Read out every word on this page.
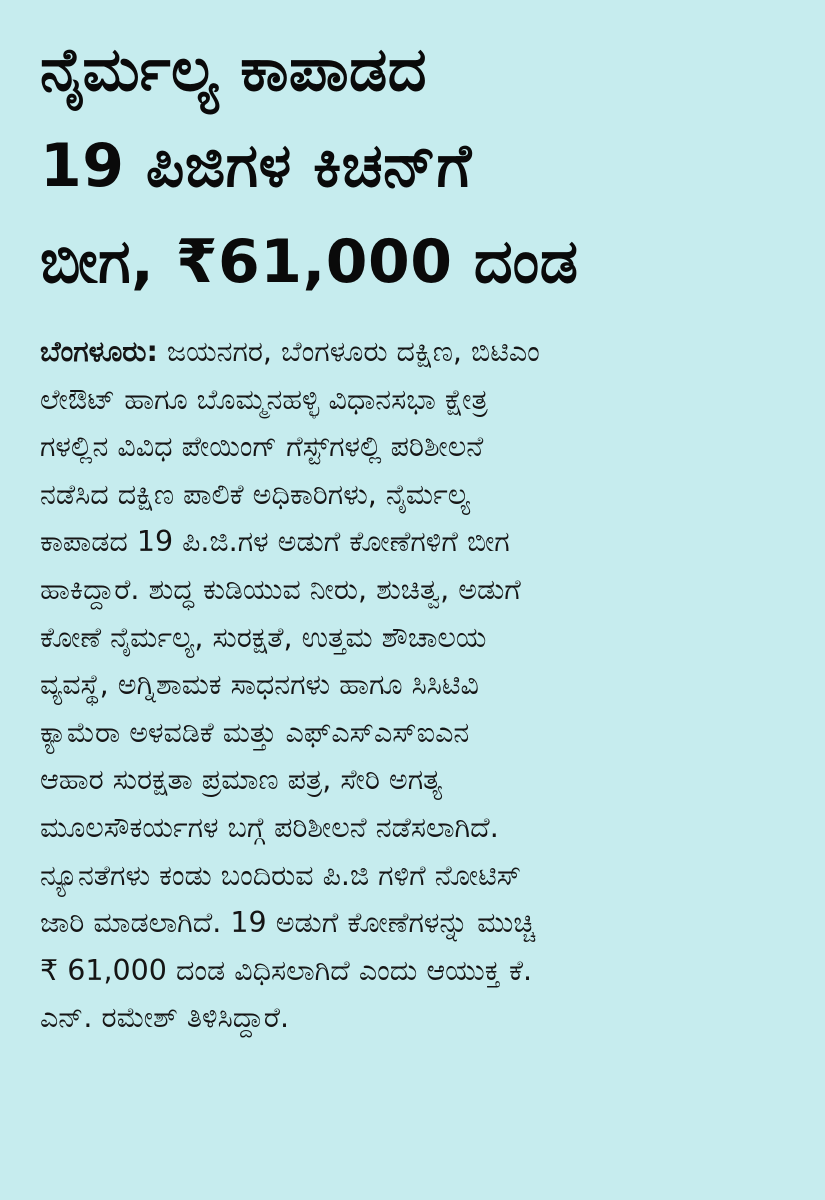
ನೈರ್ಮಲ್ಯ ಕಾಪಾಡದ
19 ಪಿಜಿಗಳ ಕಿಚನ್‌ಗೆ
ಬೀಗ, ₹61,000 ದಂಡ
ಬೆಂಗಳೂರು: ಜಯನಗರ, ಬೆಂಗಳೂರು ದಕ್ಷಿಣ, ಬಿಟಿಎಂ
ಲೇಔಟ್ ಹಾಗೂ ಬೊಮ್ಮನಹಳ್ಳಿ ವಿಧಾನಸಭಾ ಕ್ಷೇತ್ರ
ಗಳಲ್ಲಿನ ವಿವಿಧ ಪೇಯಿಂಗ್ ಗೆಸ್ಟ್‌ಗಳಲ್ಲಿ ಪರಿಶೀಲನೆ
ನಡೆಸಿದ ದಕ್ಷಿಣ ಪಾಲಿಕೆ ಅಧಿಕಾರಿಗಳು, ನೈರ್ಮಲ್ಯ
ಕಾಪಾಡದ 19 ಪಿ.ಜಿ.ಗಳ ಅಡುಗೆ ಕೋಣೆಗಳಿಗೆ ಬೀಗ
ಹಾಕಿದ್ದಾರೆ. ಶುದ್ಧ ಕುಡಿಯುವ ನೀರು, ಶುಚಿತ್ವ, ಅಡುಗೆ
ಕೋಣೆ ನೈರ್ಮಲ್ಯ, ಸುರಕ್ಷತೆ, ಉತ್ತಮ ಶೌಚಾಲಯ
ವ್ಯವಸ್ಥೆ, ಅಗ್ನಿಶಾಮಕ ಸಾಧನಗಳು ಹಾಗೂ ಸಿಸಿಟಿವಿ
ಕ್ಯಾಮೆರಾ ಅಳವಡಿಕೆ ಮತ್ತು ಎಫ್‌ಎಸ್‌ಎಸ್‌ಐಎನ
ಆಹಾರ ಸುರಕ್ಷತಾ ಪ್ರಮಾಣ ಪತ್ರ, ಸೇರಿ ಅಗತ್ಯ
ಮೂಲಸೌಕರ್ಯಗಳ ಬಗ್ಗೆ ಪರಿಶೀಲನೆ ನಡೆಸಲಾಗಿದೆ.
ನ್ಯೂನತೆಗಳು ಕಂಡು ಬಂದಿರುವ ಪಿ.ಜಿ ಗಳಿಗೆ ನೋಟಿಸ್
ಜಾರಿ ಮಾಡಲಾಗಿದೆ. 19 ಅಡುಗೆ ಕೋಣೆಗಳನ್ನು ಮುಚ್ಚಿ
₹ 61,000 ದಂಡ ವಿಧಿಸಲಾಗಿದೆ ಎಂದು ಆಯುಕ್ತ ಕೆ.
ಎನ್. ರಮೇಶ್ ತಿಳಿಸಿದ್ದಾರೆ.
